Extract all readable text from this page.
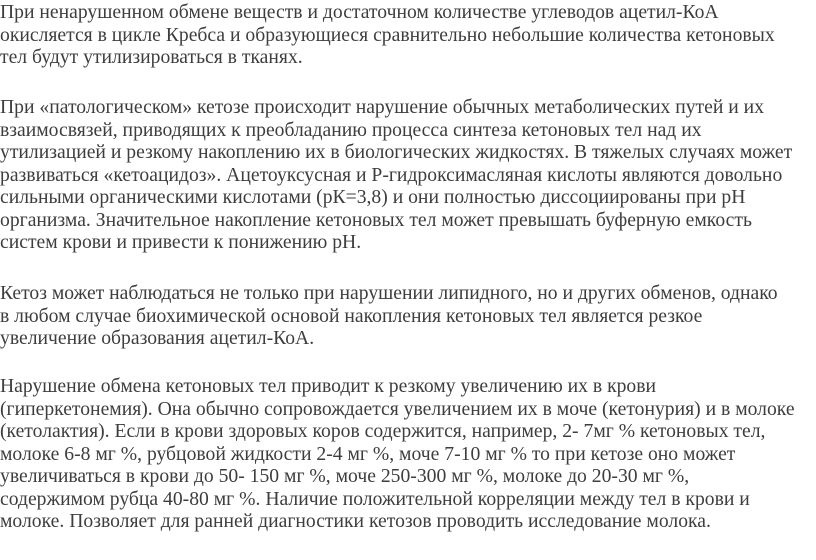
При ненарушенном обмене веществ и достаточном количестве углеводов ацетил-КоА
окисляется в цикле Кребса и образующиеся сравнительно небольшие количества кетоновых
тел будут утилизироваться в тканях.

При «патологическом» кетозе происходит нарушение обычных метаболических путей и их
взаимосвязей, приводящих к преобладанию процесса синтеза кетоновых тел над их
утилизацией и резкому накоплению их в биологических жидкостях. В тяжелых случаях может
развиваться «кетоацидоз». Ацетоуксусная и Р-гидроксимасляная кислоты являются довольно
сильными органическими кислотами (рК=3,8) и они полностью диссоциированы при рН
организма. Значительное накопление кетоновых тел может превышать буферную емкость
систем крови и привести к понижению рН.

Кетоз может наблюдаться не только при нарушении липидного, но и других обменов, однако
в любом случае биохимической основой накопления кетоновых тел является резкое
увеличение образования ацетил-КоА.

Нарушение обмена кетоновых тел приводит к резкому увеличению их в крови
(гиперкетонемия). Она обычно сопровождается увеличением их в моче (кетонурия) и в молоке
(кетолактия). Если в крови здоровых коров содержится, например, 2- 7мг % кетоновых тел,
молоке 6-8 мг %, рубцовой жидкости 2-4 мг %, моче 7-10 мг % то при кетозе оно может
увеличиваться в крови до 50- 150 мг %, моче 250-300 мг %, молоке до 20-30 мг %,
содержимом рубца 40-80 мг %. Наличие положительной корреляции между тел в крови и
молоке. Позволяет для ранней диагностики кетозов проводить исследование молока.
